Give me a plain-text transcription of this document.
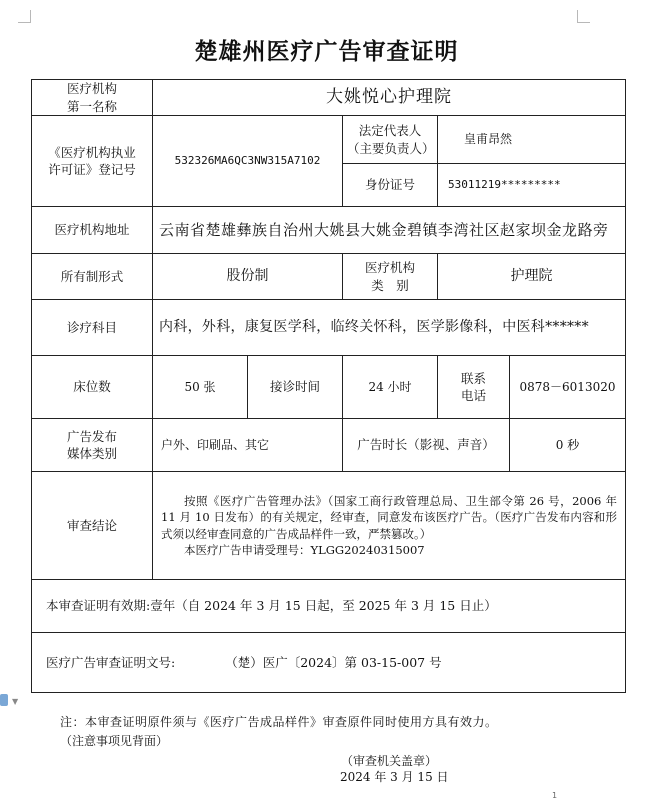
楚雄州医疗广告审查证明
医疗机构
第一名称	大姚悦心护理院				
《医疗机构执业
许可证》登记号	532326MA6QC3NW315A7102		法定代表人
（主要负责人）	皇甫昂然	
			身份证号	53011219*********	
医疗机构地址	云南省楚雄彝族自治州大姚县大姚金碧镇李湾社区赵家坝金龙路旁				
所有制形式	股份制		医疗机构
类　别	护理院	
诊疗科目	内科，外科，康复医学科，临终关怀科，医学影像科，中医科******				
床位数	50 张	接诊时间	24 小时	联系
电话	0878－6013020
广告发布
媒体类别	户外、印刷品、其它		广告时长（影视、声音）		0 秒
审查结论	按照《医疗广告管理办法》（国家工商行政管理总局、卫生部令第 26 号，2006 年 11 月 10 日发布）的有关规定，经审查，同意发布该医疗广告。（医疗广告发布内容和形式须以经审查同意的广告成品样件一致，严禁篡改。）

本医疗广告申请受理号：YLGG20240315007				

本审查证明有效期:壹年（自 2024 年 3 月 15 日起，至 2025 年 3 月 15 日止）					
医疗广告审查证明文号: （楚）医广〔2024〕第 03-15-007 号					
▼
注：本审查证明原件须与《医疗广告成品样件》审查原件同时使用方具有效力。
（注意事项见背面）
（审查机关盖章）
2024 年 3 月 15 日
1
